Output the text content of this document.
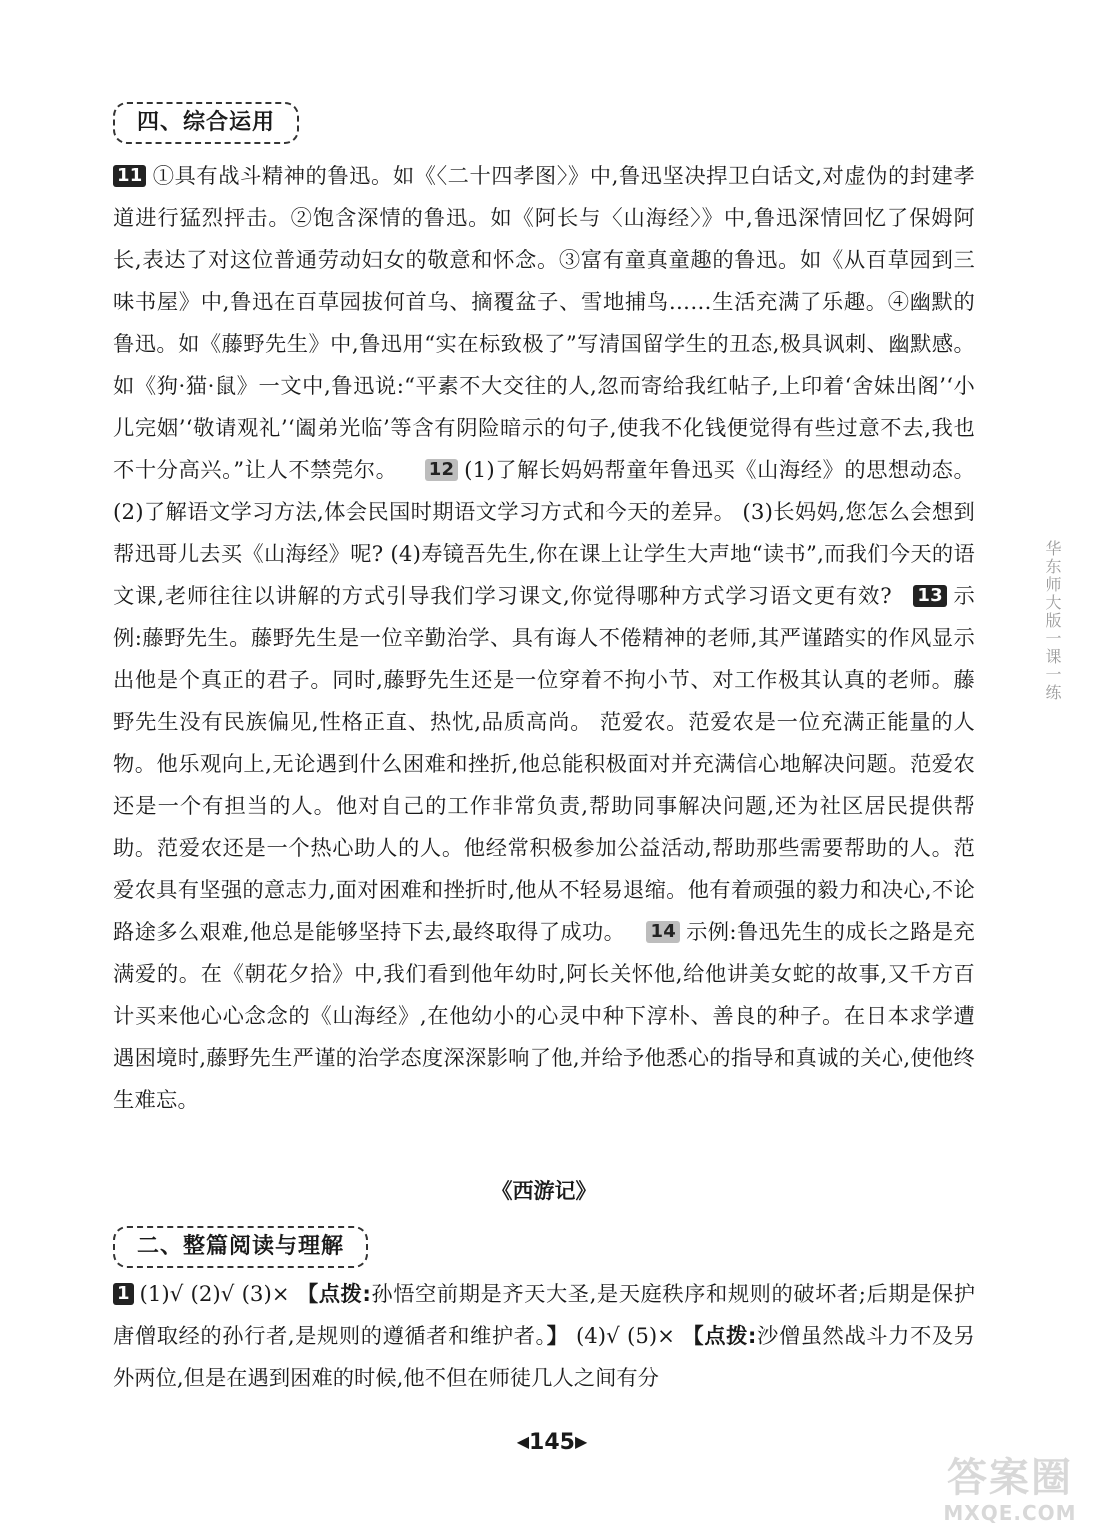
四、综合运用

11 ①具有战斗精神的鲁迅。如《〈二十四孝图〉》中,鲁迅坚决捍卫白话文,对虚伪的封建孝道进行猛烈抨击。②饱含深情的鲁迅。如《阿长与〈山海经〉》中,鲁迅深情回忆了保姆阿长,表达了对这位普通劳动妇女的敬意和怀念。③富有童真童趣的鲁迅。如《从百草园到三味书屋》中,鲁迅在百草园拔何首乌、摘覆盆子、雪地捕鸟……生活充满了乐趣。④幽默的鲁迅。如《藤野先生》中,鲁迅用“实在标致极了”写清国留学生的丑态,极具讽刺、幽默感。如《狗·猫·鼠》一文中,鲁迅说:“平素不大交往的人,忽而寄给我红帖子,上印着‘舍妹出阁’‘小儿完姻’‘敬请观礼’‘阖弟光临’等含有阴险暗示的句子,使我不化钱便觉得有些过意不去,我也不十分高兴。”让人不禁莞尔。 12 (1)了解长妈妈帮童年鲁迅买《山海经》的思想动态。 (2)了解语文学习方法,体会民国时期语文学习方式和今天的差异。 (3)长妈妈,您怎么会想到帮迅哥儿去买《山海经》呢? (4)寿镜吾先生,你在课上让学生大声地“读书”,而我们今天的语文课,老师往往以讲解的方式引导我们学习课文,你觉得哪种方式学习语文更有效? 13 示例:藤野先生。藤野先生是一位辛勤治学、具有诲人不倦精神的老师,其严谨踏实的作风显示出他是个真正的君子。同时,藤野先生还是一位穿着不拘小节、对工作极其认真的老师。藤野先生没有民族偏见,性格正直、热忱,品质高尚。 范爱农。范爱农是一位充满正能量的人物。他乐观向上,无论遇到什么困难和挫折,他总能积极面对并充满信心地解决问题。范爱农还是一个有担当的人。他对自己的工作非常负责,帮助同事解决问题,还为社区居民提供帮助。范爱农还是一个热心助人的人。他经常积极参加公益活动,帮助那些需要帮助的人。范爱农具有坚强的意志力,面对困难和挫折时,他从不轻易退缩。他有着顽强的毅力和决心,不论路途多么艰难,他总是能够坚持下去,最终取得了成功。 14 示例:鲁迅先生的成长之路是充满爱的。在《朝花夕拾》中,我们看到他年幼时,阿长关怀他,给他讲美女蛇的故事,又千方百计买来他心心念念的《山海经》,在他幼小的心灵中种下淳朴、善良的种子。在日本求学遭遇困境时,藤野先生严谨的治学态度深深影响了他,并给予他悉心的指导和真诚的关心,使他终生难忘。

《西游记》
二、整篇阅读与理解

1 (1)√ (2)√ (3)× 【点拨:孙悟空前期是齐天大圣,是天庭秩序和规则的破坏者;后期是保护唐僧取经的孙行者,是规则的遵循者和维护者。】 (4)√ (5)× 【点拨:沙僧虽然战斗力不及另外两位,但是在遇到困难的时候,他不但在师徒几人之间有分

华东师大版一课一练
◀145▶
答案圈
MXQE.COM
